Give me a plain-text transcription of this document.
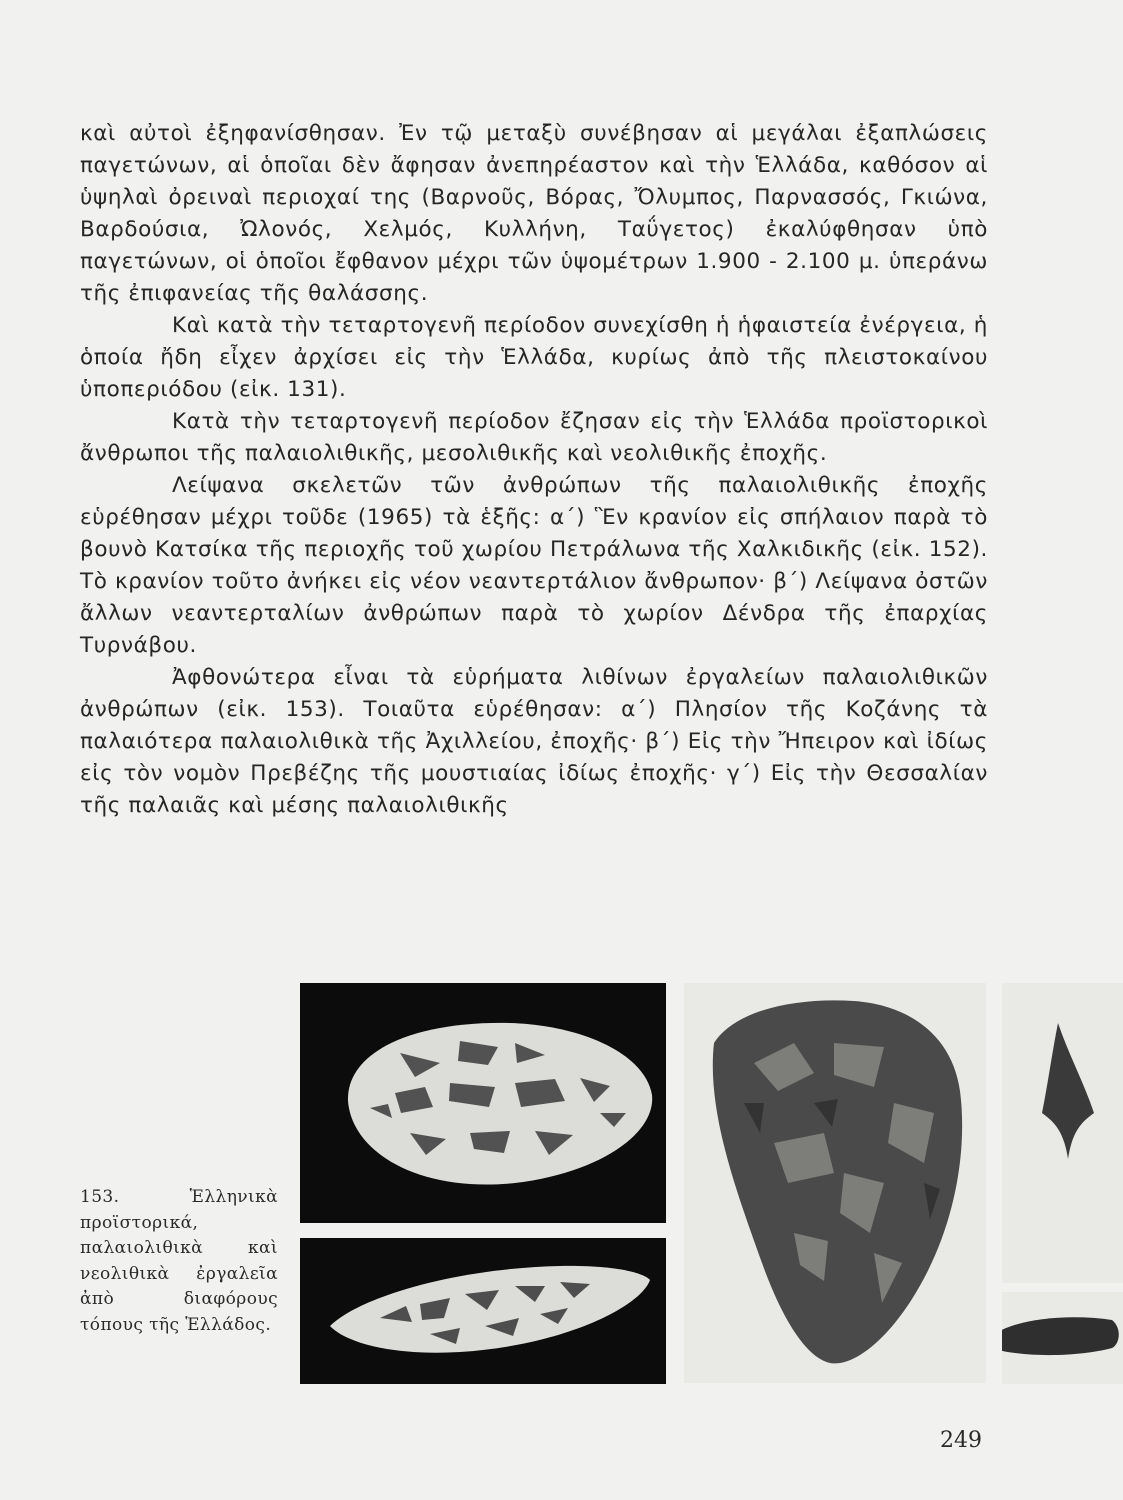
καὶ αὐτοὶ ἐξηφανίσθησαν. Ἐν τῷ μεταξὺ συνέβησαν αἱ μεγάλαι ἐξαπλώσεις παγετώνων, αἱ ὁποῖαι δὲν ἄφησαν ἀνεπηρέαστον καὶ τὴν Ἑλλάδα, καθόσον αἱ ὑψηλαὶ ὀρειναὶ περιοχαί της (Βαρνοῦς, Βόρας, Ὄλυμπος, Παρνασσός, Γκιώνα, Βαρδούσια, Ὠλονός, Χελμός, Κυλλήνη, Ταΰγετος) ἐκαλύφθησαν ὑπὸ παγετώνων, οἱ ὁποῖοι ἔφθανον μέχρι τῶν ὑψομέτρων 1.900 - 2.100 μ. ὑπεράνω τῆς ἐπιφανείας τῆς θαλάσσης.

Καὶ κατὰ τὴν τεταρτογενῆ περίοδον συνεχίσθη ἡ ἡφαιστεία ἐνέργεια, ἡ ὁποία ἤδη εἶχεν ἀρχίσει εἰς τὴν Ἑλλάδα, κυρίως ἀπὸ τῆς πλειστοκαίνου ὑποπεριόδου (εἰκ. 131).

Κατὰ τὴν τεταρτογενῆ περίοδον ἔζησαν εἰς τὴν Ἑλλάδα προϊστορικοὶ ἄνθρωποι τῆς παλαιολιθικῆς, μεσολιθικῆς καὶ νεολιθικῆς ἐποχῆς.

Λείψανα σκελετῶν τῶν ἀνθρώπων τῆς παλαιολιθικῆς ἐποχῆς εὑρέθησαν μέχρι τοῦδε (1965) τὰ ἑξῆς: α΄) Ἓν κρανίον εἰς σπήλαιον παρὰ τὸ βουνὸ Κατσίκα τῆς περιοχῆς τοῦ χωρίου Πετράλωνα τῆς Χαλκιδικῆς (εἰκ. 152). Τὸ κρανίον τοῦτο ἀνήκει εἰς νέον νεαντερτάλιον ἄνθρωπον· β΄) Λείψανα ὀστῶν ἄλλων νεαντερταλίων ἀνθρώπων παρὰ τὸ χωρίον Δένδρα τῆς ἐπαρχίας Τυρνάβου.

Ἀφθονώτερα εἶναι τὰ εὑρήματα λιθίνων ἐργαλείων παλαιολιθικῶν ἀνθρώπων (εἰκ. 153). Τοιαῦτα εὑρέθησαν: α΄) Πλησίον τῆς Κοζάνης τὰ παλαιότερα παλαιολιθικὰ τῆς Ἀχιλλείου, ἐποχῆς· β΄) Εἰς τὴν Ἤπειρον καὶ ἰδίως εἰς τὸν νομὸν Πρεβέζης τῆς μουστιαίας ἰδίως ἐποχῆς· γ΄) Εἰς τὴν Θεσσαλίαν τῆς παλαιᾶς καὶ μέσης παλαιολιθικῆς

153. Ἑλληνικὰ προϊστορικά, παλαιολιθικὰ καὶ νεολιθικὰ ἐργαλεῖα ἀπὸ διαφόρους τόπους τῆς Ἑλλάδος.
249
